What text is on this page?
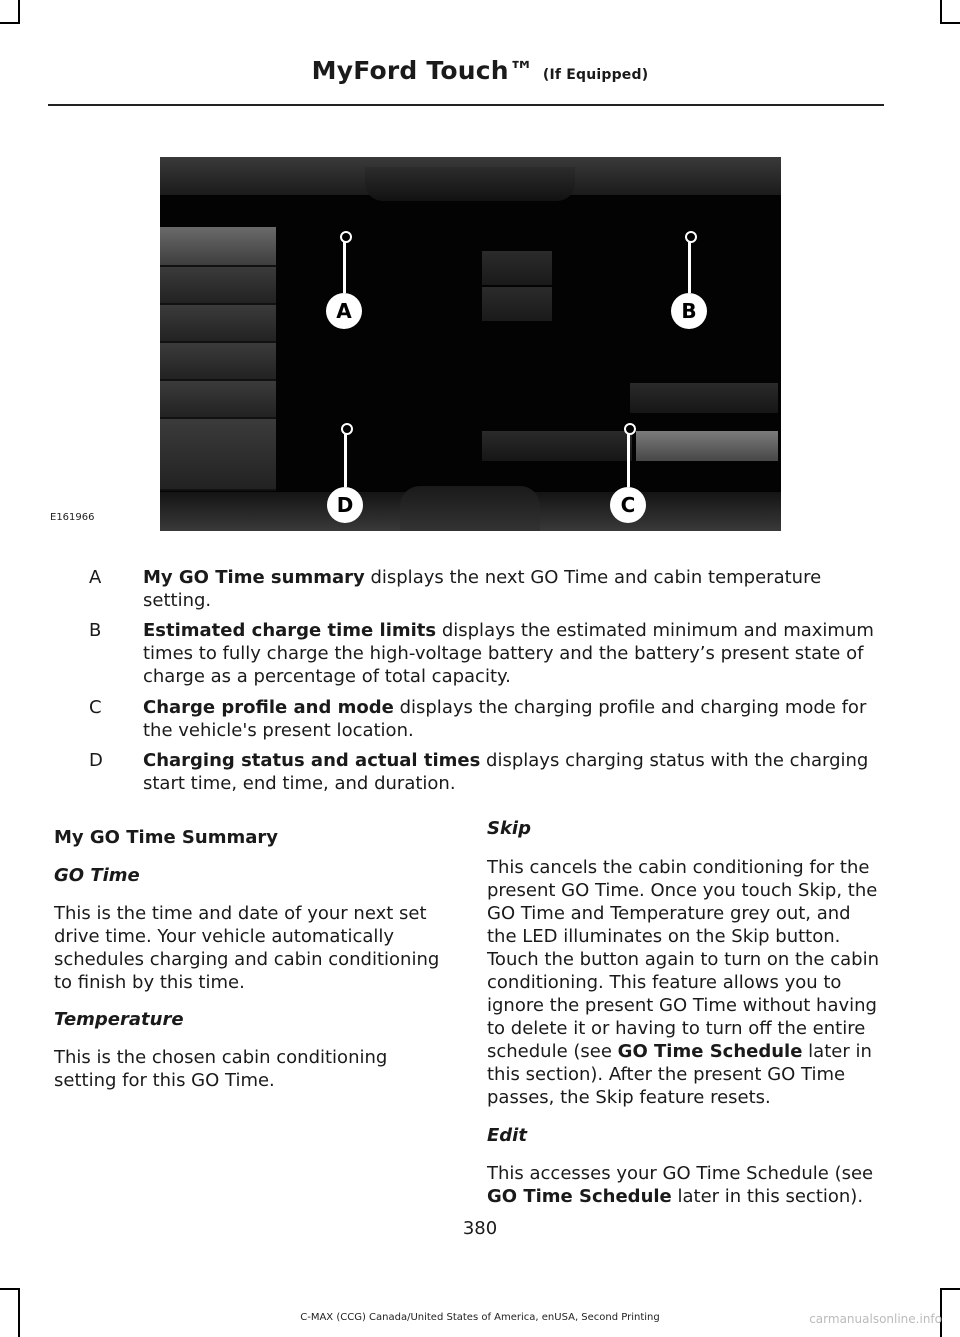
MyFord Touch™ (If Equipped)
A	B
C
D
E161966
A	My GO Time summary displays the next GO Time and cabin temperature setting.
B	Estimated charge time limits displays the estimated minimum and maximum times to fully charge the high-voltage battery and the battery’s present state of charge as a percentage of total capacity.
C	Charge profile and mode displays the charging profile and charging mode for the vehicle's present location.
D	Charging status and actual times displays charging status with the charging start time, end time, and duration.

My GO Time Summary

GO Time

This is the time and date of your next set drive time. Your vehicle automatically schedules charging and cabin conditioning to finish by this time.

Temperature

This is the chosen cabin conditioning setting for this GO Time.

Skip

This cancels the cabin conditioning for the present GO Time. Once you touch Skip, the GO Time and Temperature grey out, and the LED illuminates on the Skip button. Touch the button again to turn on the cabin conditioning. This feature allows you to ignore the present GO Time without having to delete it or having to turn off the entire schedule (see GO Time Schedule later in this section). After the present GO Time passes, the Skip feature resets.

Edit

This accesses your GO Time Schedule (see GO Time Schedule later in this section).

380
C-MAX (CCG) Canada/United States of America, enUSA, Second Printing	carmanualsonline.info
